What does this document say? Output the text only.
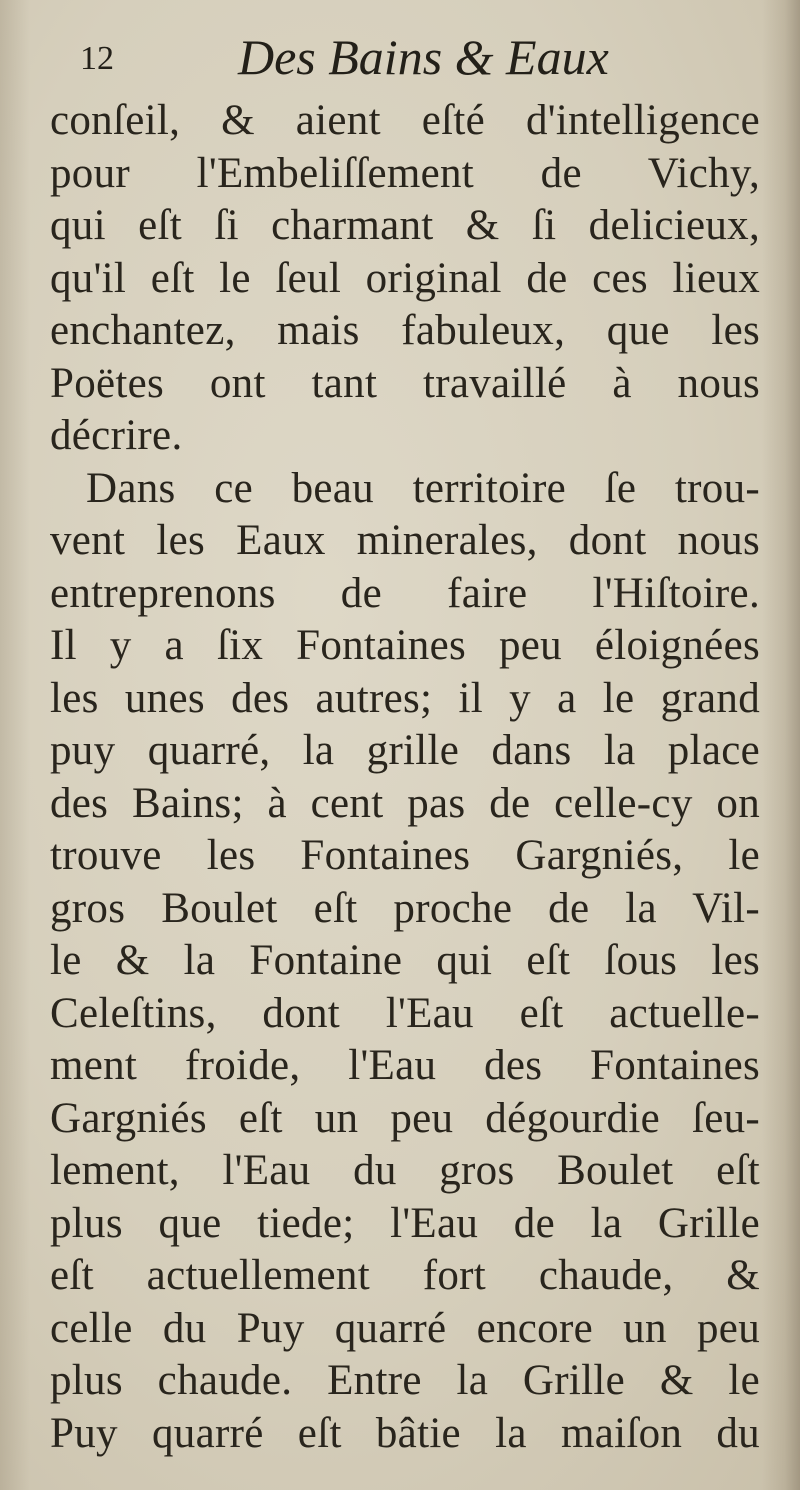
12 Des Bains & Eaux
conſeil, & aient eſté d'intelligence
pour l'Embeliſſement de Vichy,
qui eſt ſi charmant & ſi delicieux,
qu'il eſt le ſeul original de ces lieux
enchantez, mais fabuleux, que les
Poëtes ont tant travaillé à nous
décrire.
Dans ce beau territoire ſe trou-
vent les Eaux minerales, dont nous
entreprenons de faire l'Hiſtoire.
Il y a ſix Fontaines peu éloignées
les unes des autres; il y a le grand
puy quarré, la grille dans la place
des Bains; à cent pas de celle-cy on
trouve les Fontaines Gargniés, le
gros Boulet eſt proche de la Vil-
le & la Fontaine qui eſt ſous les
Celeſtins, dont l'Eau eſt actuelle-
ment froide, l'Eau des Fontaines
Gargniés eſt un peu dégourdie ſeu-
lement, l'Eau du gros Boulet eſt
plus que tiede; l'Eau de la Grille
eſt actuellement fort chaude, &
celle du Puy quarré encore un peu
plus chaude. Entre la Grille & le
Puy quarré eſt bâtie la maiſon du
